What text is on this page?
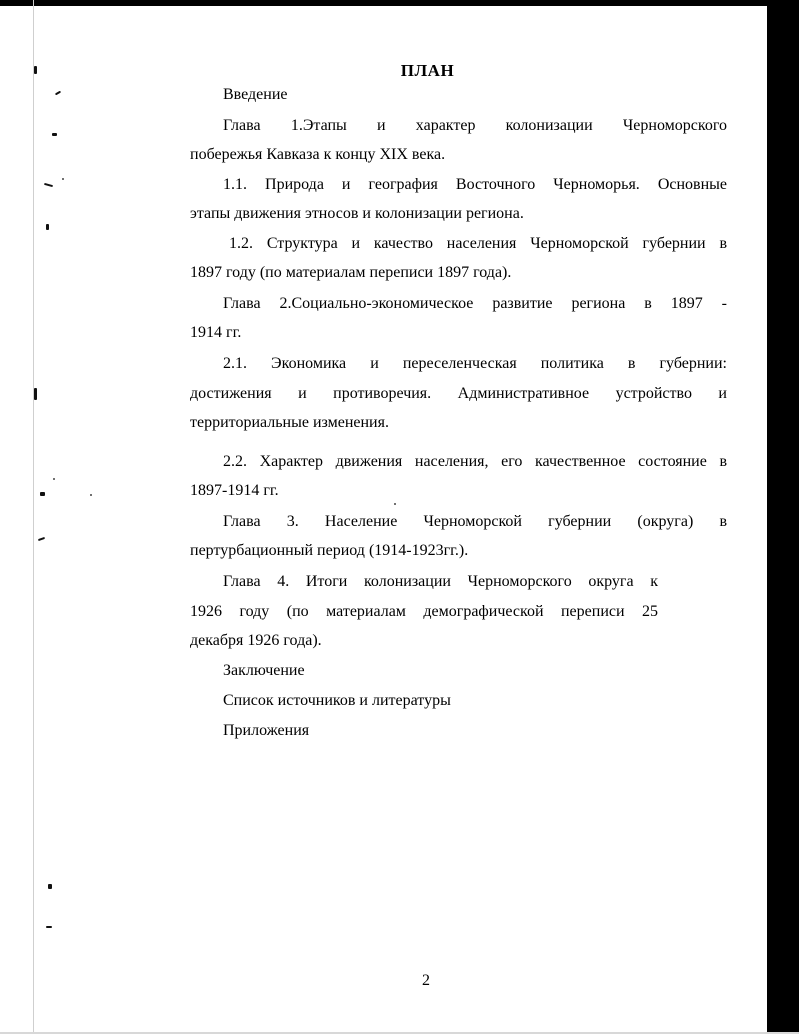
ПЛАН
Введение
Глава 1.Этапы и характер колонизации Черноморского
побережья Кавказа к концу XIX века.
1.1. Природа и география Восточного Черноморья. Основные
этапы движения этносов и колонизации региона.
1.2. Структура и качество населения Черноморской губернии в
1897 году (по материалам переписи 1897 года).
Глава 2.Социально-экономическое развитие региона в 1897 -
1914 гг.
2.1. Экономика и переселенческая политика в губернии:
достижения и противоречия. Административное устройство и
территориальные изменения.
2.2. Характер движения населения, его качественное состояние в
1897-1914 гг.
Глава 3. Население Черноморской губернии (округа) в
пертурбационный период (1914-1923гг.).
Глава 4. Итоги колонизации Черноморского округа к
1926 году (по материалам демографической переписи 25
декабря 1926 года).
Заключение
Список источников и литературы
Приложения
2
